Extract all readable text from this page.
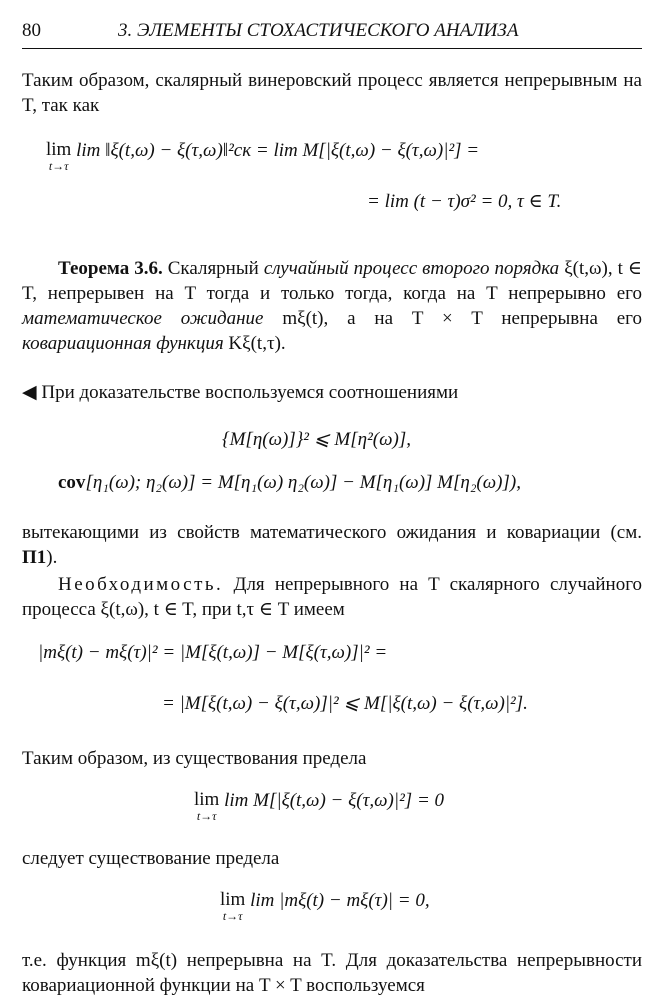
80	3. ЭЛЕМЕНТЫ СТОХАСТИЧЕСКОГО АНАЛИЗА

Таким образом, скалярный винеровский процесс является непрерывным на T, так как

lim
t→τ
lim ‖ξ(t,ω) − ξ(τ,ω)‖²ск = lim M[|ξ(t,ω) − ξ(τ,ω)|²] =
= lim (t − τ)σ² = 0, τ ∈ T.

Теорема 3.6. Скалярный случайный процесс второго порядка ξ(t,ω), t ∈ T, непрерывен на T тогда и только тогда, когда на T непрерывно его математическое ожидание mξ(t), а на T × T непрерывна его ковариационная функция Kξ(t,τ).

◀ При доказательстве воспользуемся соотношениями

{M[η(ω)]}² ⩽ M[η²(ω)],
cov[η₁(ω); η₂(ω)] = M[η₁(ω) η₂(ω)] − M[η₁(ω)] M[η₂(ω)]),

вытекающими из свойств математического ожидания и ковариации (см. П1).

Необходимость. Для непрерывного на T скалярного случайного процесса ξ(t,ω), t ∈ T, при t,τ ∈ T имеем

|mξ(t) − mξ(τ)|² = |M[ξ(t,ω)] − M[ξ(τ,ω)]|² =
= |M[ξ(t,ω) − ξ(τ,ω)]|² ⩽ M[|ξ(t,ω) − ξ(τ,ω)|²].

Таким образом, из существования предела

lim
t→τ
lim M[|ξ(t,ω) − ξ(τ,ω)|²] = 0

следует существование предела

lim
t→τ
lim |mξ(t) − mξ(τ)| = 0,

т.е. функция mξ(t) непрерывна на T. Для доказательства непрерывности ковариационной функции на T × T воспользуемся
